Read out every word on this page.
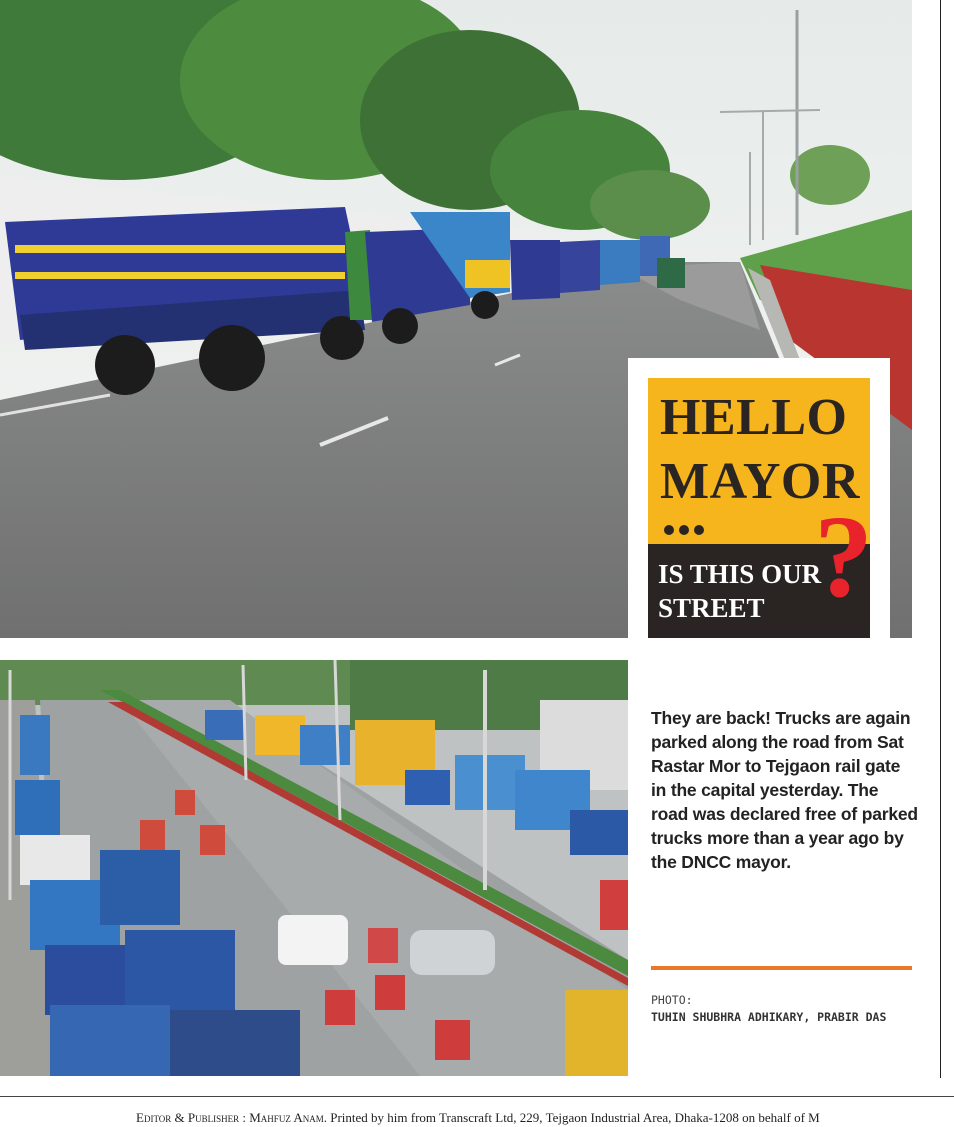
HELLO
MAYOR
IS THIS OUR
STREET ?
They are back! Trucks are again parked along the road from Sat Rastar Mor to Tejgaon rail gate in the capital yesterday. The road was declared free of parked trucks more than a year ago by the DNCC mayor.
PHOTO:
TUHIN SHUBHRA ADHIKARY, PRABIR DAS
Editor & Publisher : Mahfuz Anam. Printed by him from Transcraft Ltd, 229, Tejgaon Industrial Area, Dhaka-1208 on behalf of M
